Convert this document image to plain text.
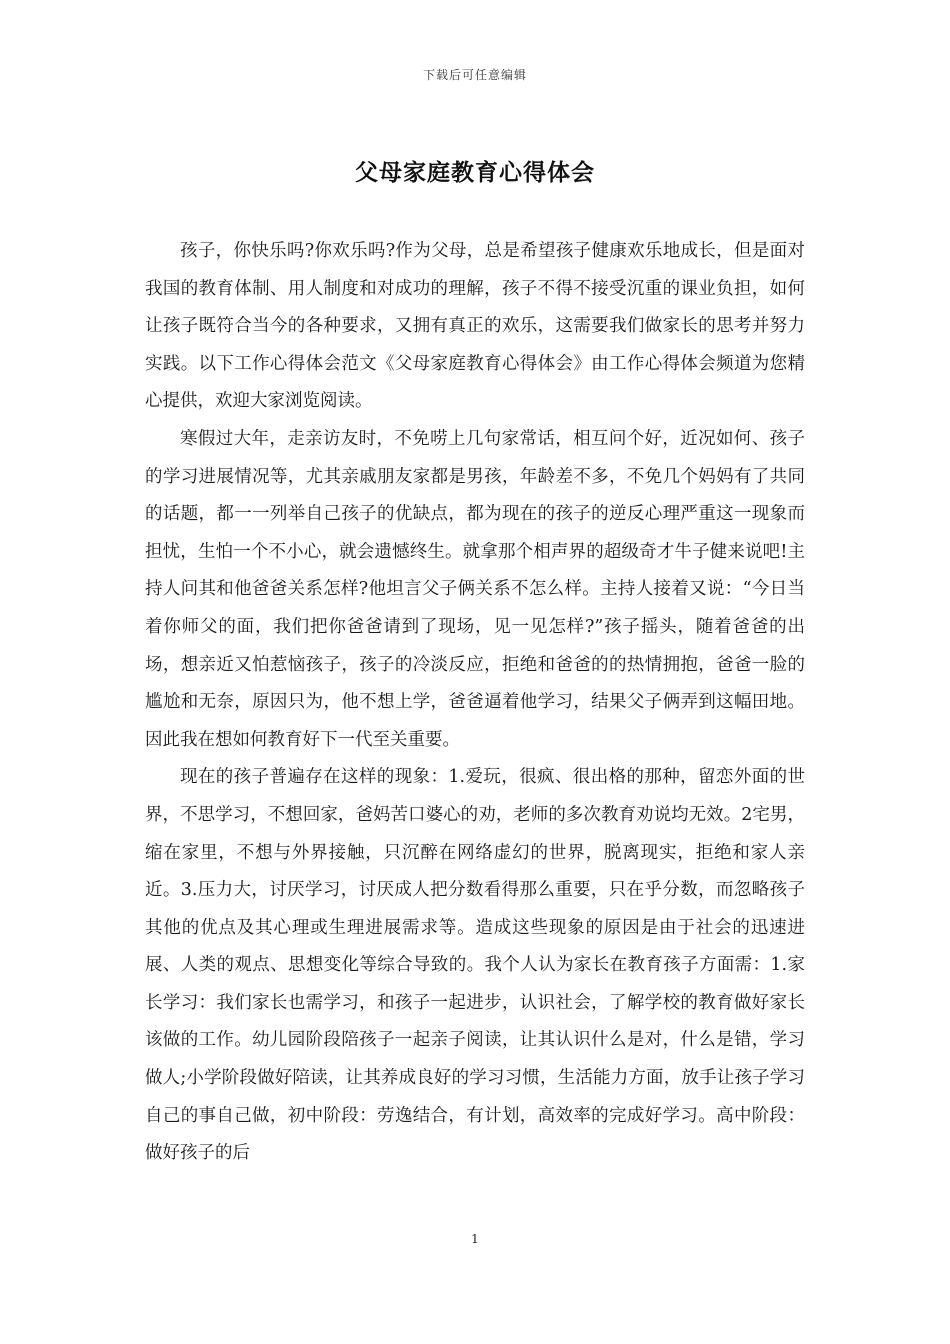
下载后可任意编辑
父母家庭教育心得体会

孩子，你快乐吗?你欢乐吗?作为父母，总是希望孩子健康欢乐地成长，但是面对我国的教育体制、用人制度和对成功的理解，孩子不得不接受沉重的课业负担，如何让孩子既符合当今的各种要求，又拥有真正的欢乐，这需要我们做家长的思考并努力实践。以下工作心得体会范文《父母家庭教育心得体会》由工作心得体会频道为您精心提供，欢迎大家浏览阅读。

寒假过大年，走亲访友时，不免唠上几句家常话，相互问个好，近况如何、孩子的学习进展情况等，尤其亲戚朋友家都是男孩，年龄差不多，不免几个妈妈有了共同的话题，都一一列举自己孩子的优缺点，都为现在的孩子的逆反心理严重这一现象而担忧，生怕一个不小心，就会遗憾终生。就拿那个相声界的超级奇才牛子健来说吧!主持人问其和他爸爸关系怎样?他坦言父子俩关系不怎么样。主持人接着又说：“今日当着你师父的面，我们把你爸爸请到了现场，见一见怎样?”孩子摇头，随着爸爸的出场，想亲近又怕惹恼孩子，孩子的冷淡反应，拒绝和爸爸的的热情拥抱，爸爸一脸的尴尬和无奈，原因只为，他不想上学，爸爸逼着他学习，结果父子俩弄到这幅田地。因此我在想如何教育好下一代至关重要。

现在的孩子普遍存在这样的现象：1.爱玩，很疯、很出格的那种，留恋外面的世界，不思学习，不想回家，爸妈苦口婆心的劝，老师的多次教育劝说均无效。2宅男，缩在家里，不想与外界接触，只沉醉在网络虚幻的世界，脱离现实，拒绝和家人亲近。3.压力大，讨厌学习，讨厌成人把分数看得那么重要，只在乎分数，而忽略孩子其他的优点及其心理或生理进展需求等。造成这些现象的原因是由于社会的迅速进展、人类的观点、思想变化等综合导致的。我个人认为家长在教育孩子方面需：1.家长学习：我们家长也需学习，和孩子一起进步，认识社会，了解学校的教育做好家长该做的工作。幼儿园阶段陪孩子一起亲子阅读，让其认识什么是对，什么是错，学习做人;小学阶段做好陪读，让其养成良好的学习习惯，生活能力方面，放手让孩子学习自己的事自己做，初中阶段：劳逸结合，有计划，高效率的完成好学习。高中阶段：做好孩子的后

1
